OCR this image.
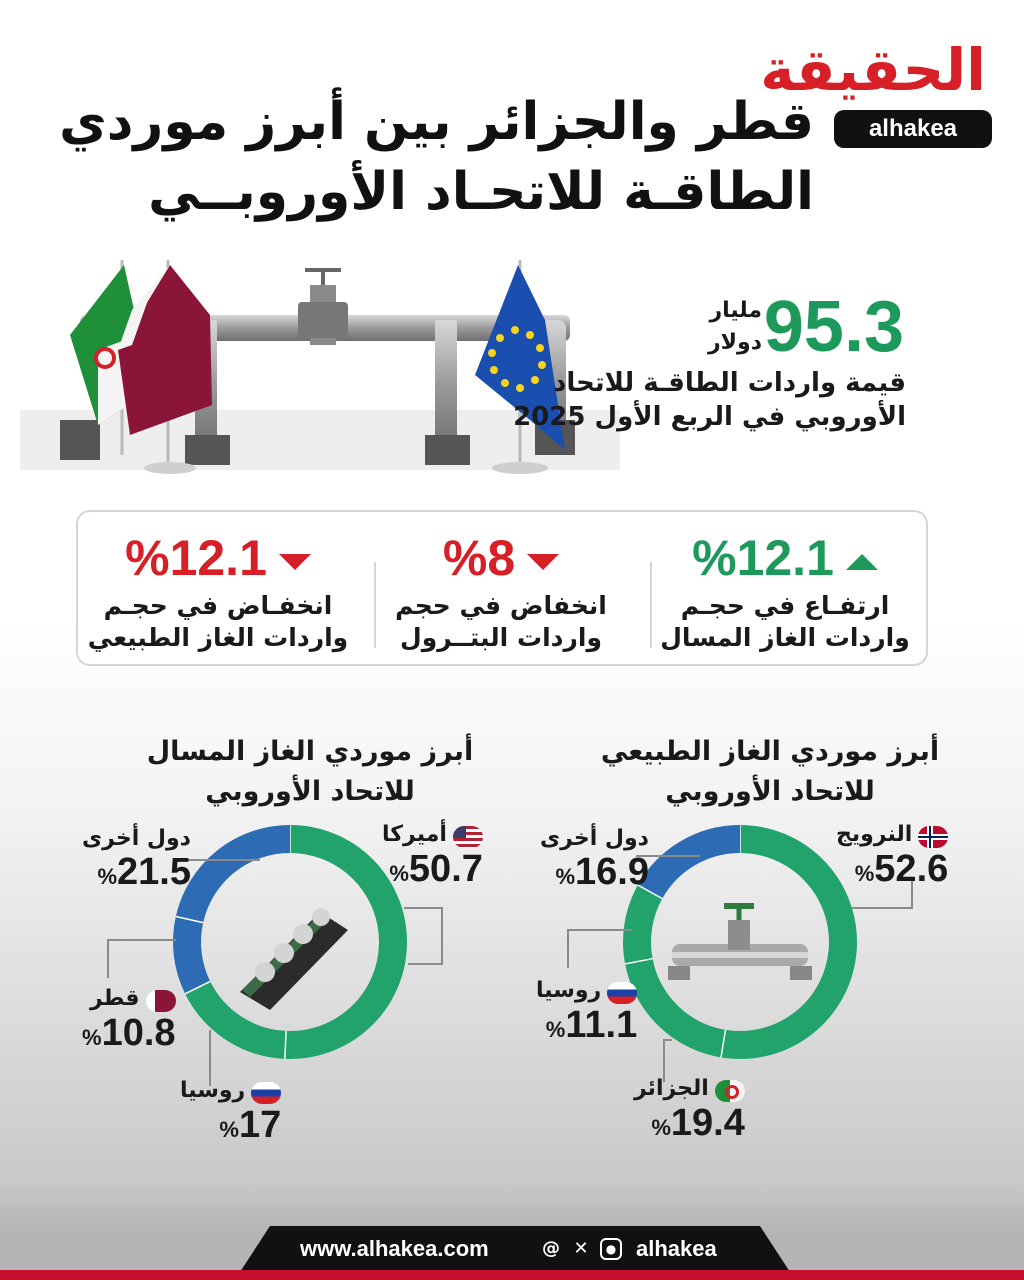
الحقيقة
alhakea
قطر والجزائر بين أبرز موردي
الطاقـة للاتحـاد الأوروبــي
95.3
مليار
دولار
قيمة واردات الطاقـة للاتحاد
الأوروبي في الربع الأول 2025
%12.1
ارتفـاع في حجـم
واردات الغاز المسال
%8
انخفاض في حجم
واردات البتــرول
%12.1
انخفـاض في حجـم
واردات الغاز الطبيعي
أبرز موردي الغاز الطبيعي
للاتحاد الأوروبي
أبرز موردي الغاز المسال
للاتحاد الأوروبي
النرويج
%52.6
دول أخرى
%16.9
روسيا
%11.1
الجزائر
%19.4
أميركا
%50.7
دول أخرى
%21.5
قطر
%10.8
روسيا
%17
www.alhakea.com	@ ✕	● alhakea
